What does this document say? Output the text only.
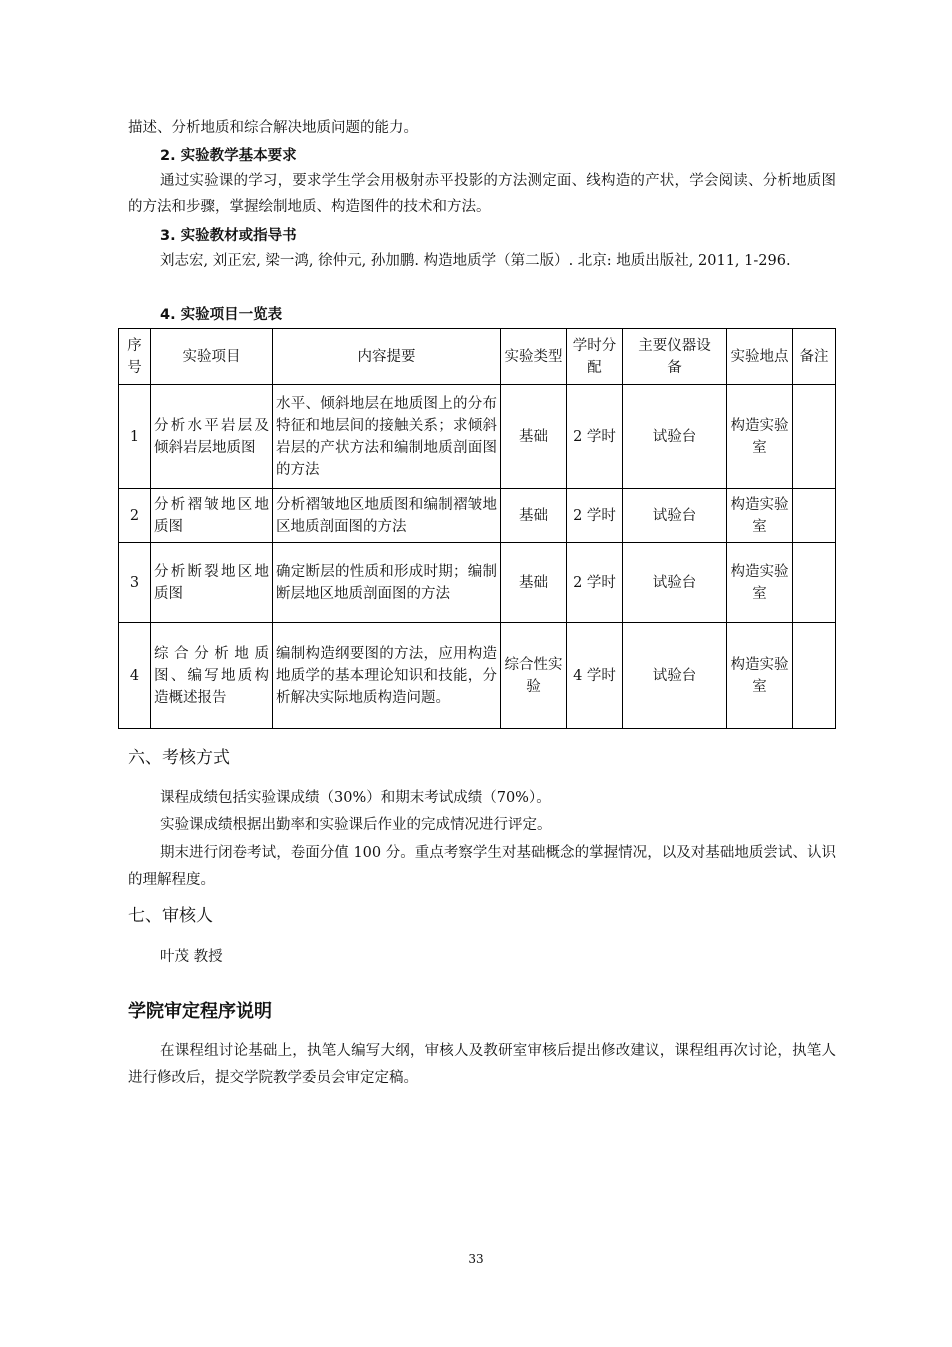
描述、分析地质和综合解决地质问题的能力。

2. 实验教学基本要求

通过实验课的学习，要求学生学会用极射赤平投影的方法测定面、线构造的产状，学会阅读、分析地质图的方法和步骤，掌握绘制地质、构造图件的技术和方法。

3. 实验教材或指导书

刘志宏, 刘正宏, 梁一鸿, 徐仲元, 孙加鹏. 构造地质学（第二版）. 北京: 地质出版社, 2011, 1-296.

4. 实验项目一览表
序号	实验项目	内容提要	实验类型	学时分配	主要仪器设　备	实验地点	备注
1	分析水平岩层及倾斜岩层地质图	水平、倾斜地层在地质图上的分布特征和地层间的接触关系；求倾斜岩层的产状方法和编制地质剖面图的方法	基础	2 学时	试验台	构造实验室	
2	分析褶皱地区地质图	分析褶皱地区地质图和编制褶皱地区地质剖面图的方法	基础	2 学时	试验台	构造实验室	
3	分析断裂地区地质图	确定断层的性质和形成时期；编制断层地区地质剖面图的方法	基础	2 学时	试验台	构造实验室	
4	综合分析地质图、编写地质构造概述报告	编制构造纲要图的方法，应用构造地质学的基本理论知识和技能，分析解决实际地质构造问题。	综合性实验	4 学时	试验台	构造实验室	
六、考核方式
课程成绩包括实验课成绩（30%）和期末考试成绩（70%）。
实验课成绩根据出勤率和实验课后作业的完成情况进行评定。

期末进行闭卷考试，卷面分值 100 分。重点考察学生对基础概念的掌握情况，以及对基础地质尝试、认识的理解程度。

七、审核人
叶茂 教授
学院审定程序说明

在课程组讨论基础上，执笔人编写大纲，审核人及教研室审核后提出修改建议，课程组再次讨论，执笔人进行修改后，提交学院教学委员会审定定稿。

33
